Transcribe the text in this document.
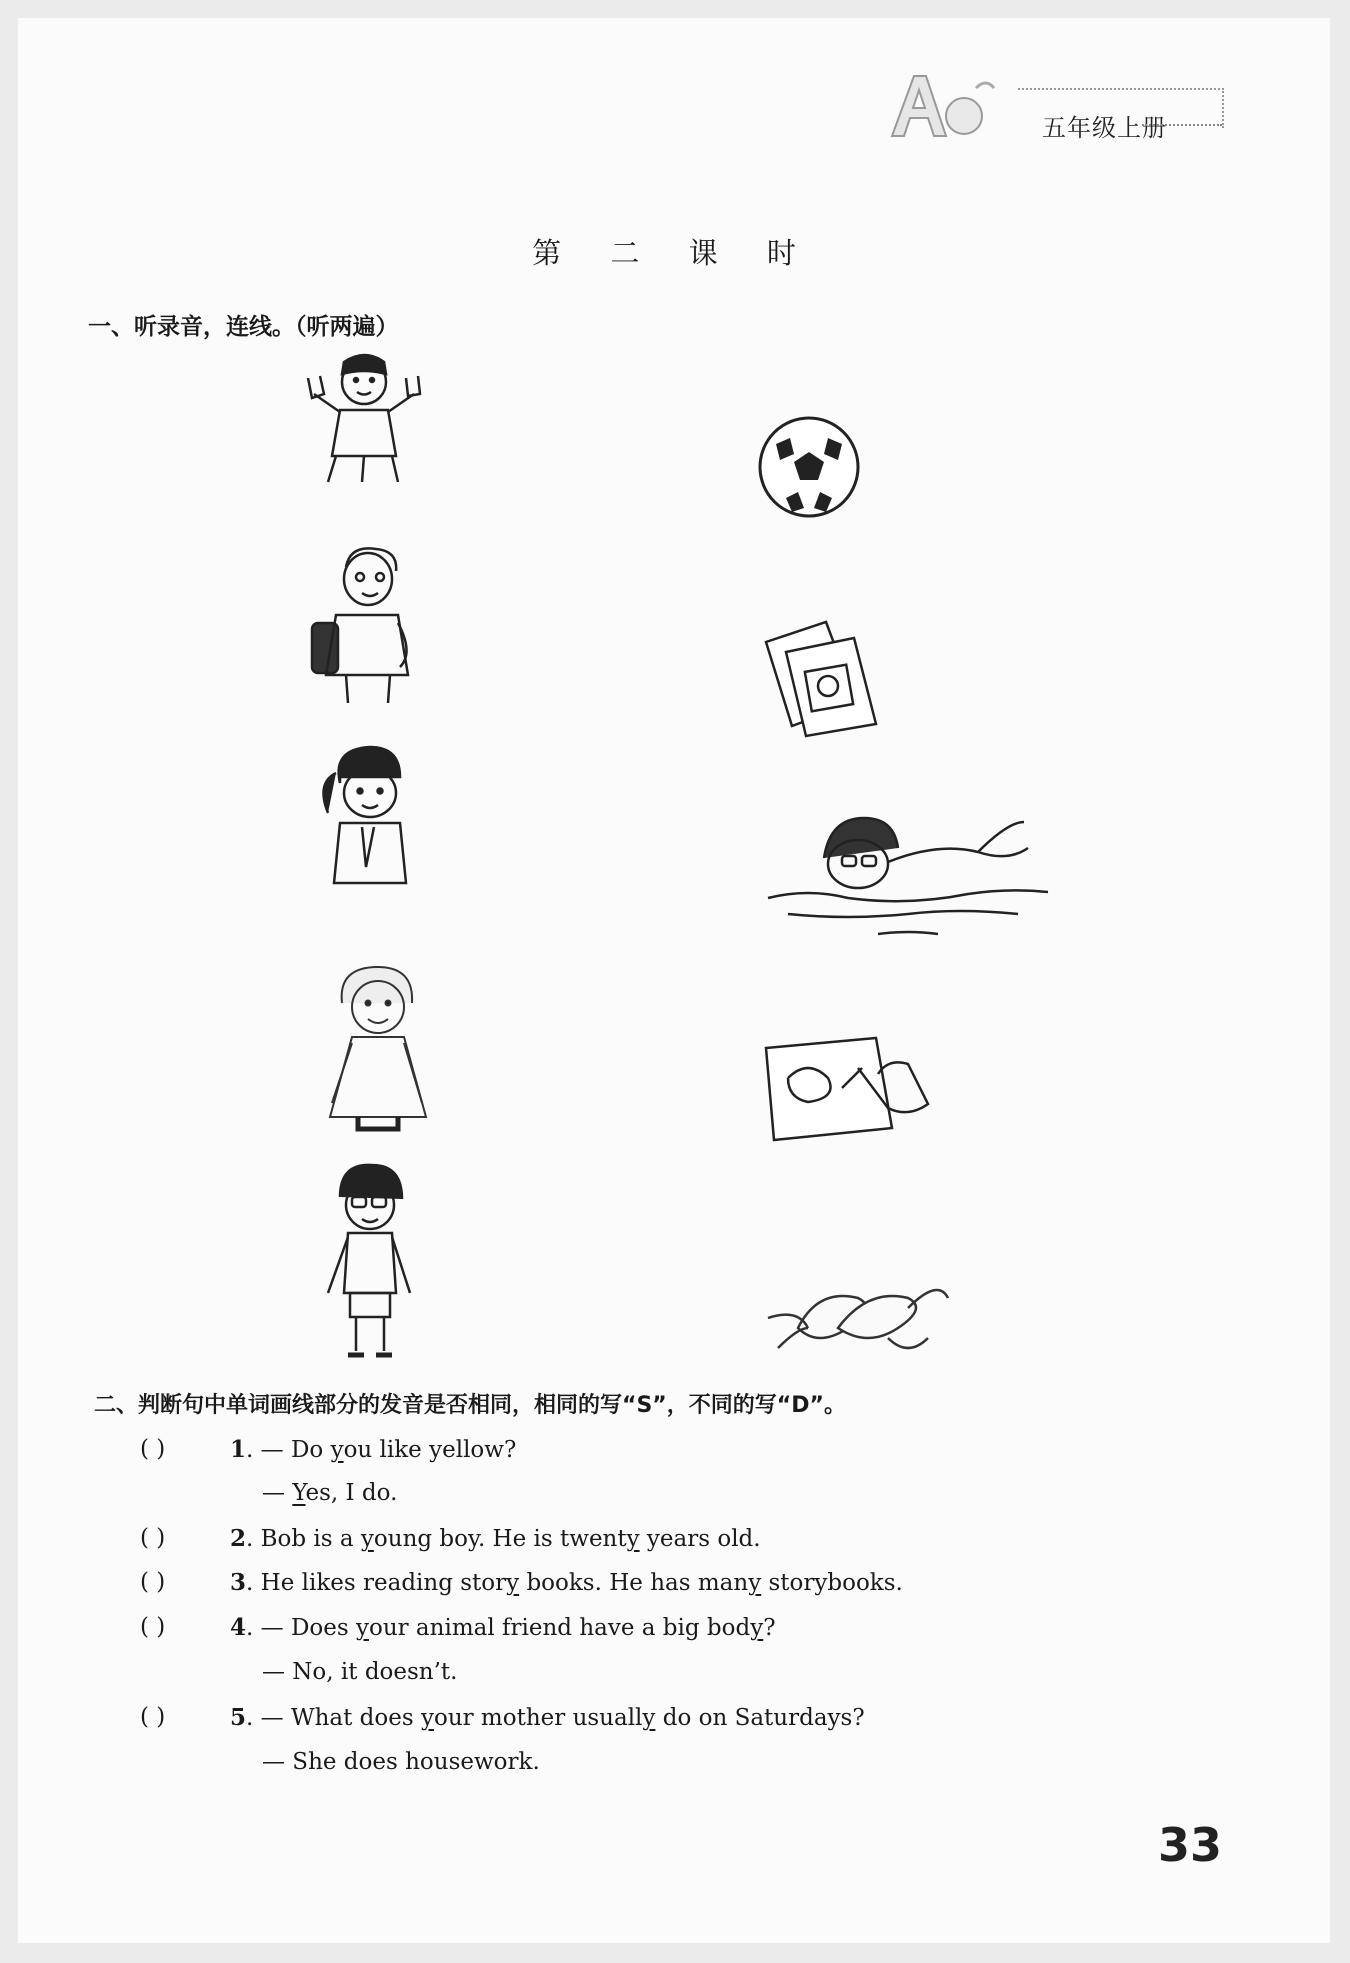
五年级上册
第 二 课 时
一、听录音，连线。（听两遍）
二、判断句中单词画线部分的发音是否相同，相同的写“S”，不同的写“D”。
( )	1. — Do you like yellow?
— Yes, I do.
( )	2. Bob is a young boy. He is twenty years old.
( )	3. He likes reading story books. He has many storybooks.
( )	4. — Does your animal friend have a big body?
— No, it doesn’t.
( )	5. — What does your mother usually do on Saturdays?
— She does housework.
33
